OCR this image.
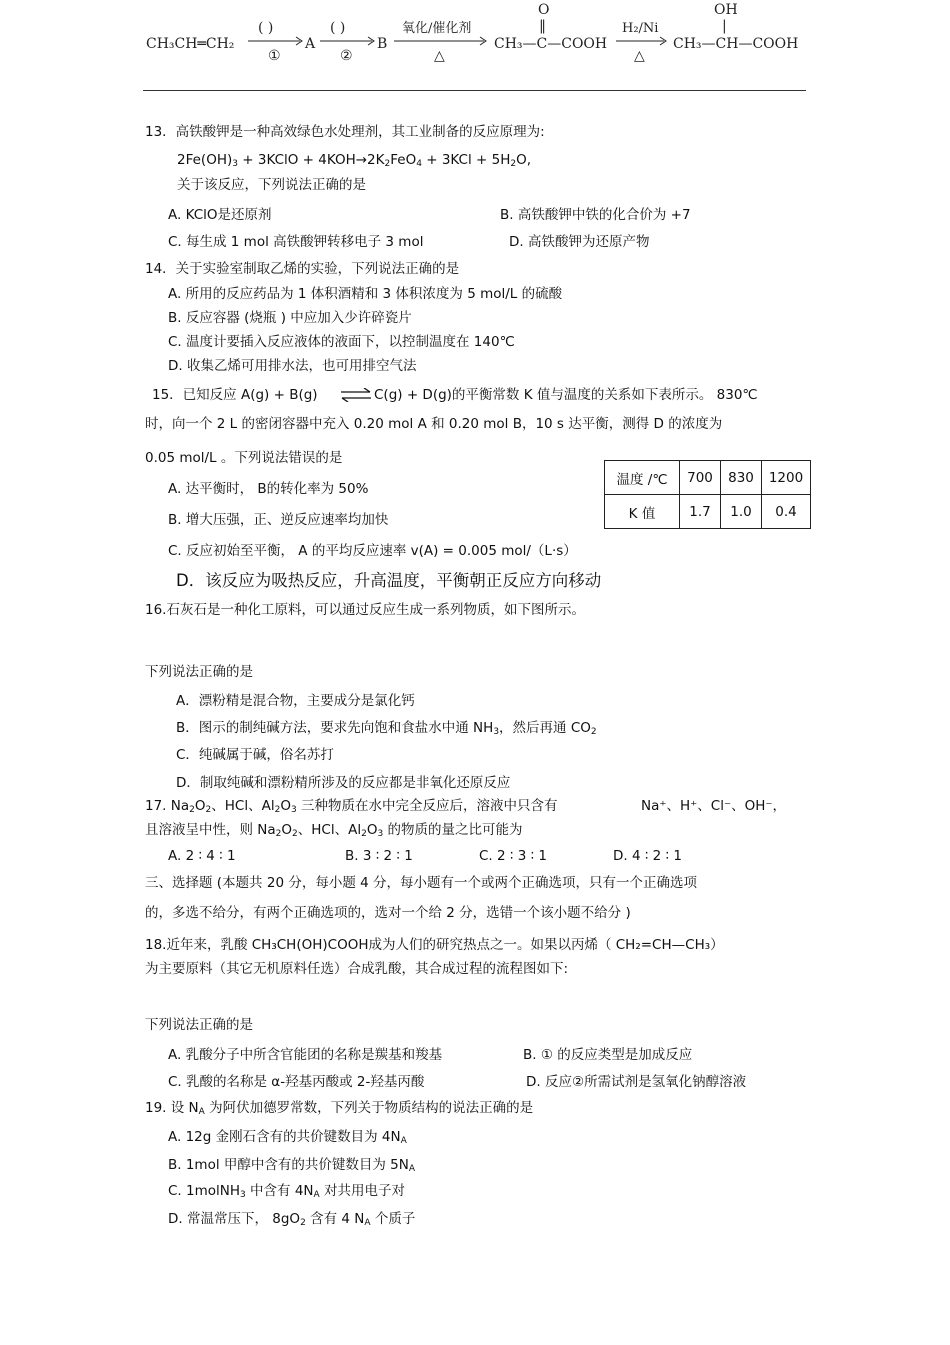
CH₃CH═CH₂
( )
①
A
( )
②
B
氧化/催化剂
△
O
‖
CH₃—C—COOH
H₂/Ni
△
OH
|
CH₃—CH—COOH
13．高铁酸钾是一种高效绿色水处理剂，其工业制备的反应原理为:
$2Fe(OH)_3$ + 3KClO + $4KOH\to 2K_2FeO_4 + 3KCl + 5H_2O$,
关于该反应，下列说法正确的是
A. KClO是还原剂	B. 高铁酸钾中铁的化合价为 +7
C. 每生成 1 mol 高铁酸钾转移电子 3 mol	D. 高铁酸钾为还原产物
14．关于实验室制取乙烯的实验，下列说法正确的是
A. 所用的反应药品为 1 体积酒精和 3 体积浓度为 5 mol/L 的硫酸
B. 反应容器 (烧瓶 ) 中应加入少许碎瓷片
C. 温度计要插入反应液体的液面下，以控制温度在 140℃
D. 收集乙烯可用排水法，也可用排空气法
15．已知反应 A(g) + B(g) ⇌ C(g) + D(g)的平衡常数 K 值与温度的关系如下表所示。 830℃
时，向一个 2 L 的密闭容器中充入 0.20 mol A 和 0.20 mol B，10 s 达平衡，测得 D 的浓度为
0.05 mol/L 。下列说法错误的是
温度 /℃	700	830	1200
K 值	1.7	1.0	0.4
A. 达平衡时， B的转化率为 50%
B. 增大压强，正、逆反应速率均加快
C. 反应初始至平衡， A 的平均反应速率 v(A) = 0.005 mol/（L·s）
D．该反应为吸热反应，升高温度，平衡朝正反应方向移动
16.石灰石是一种化工原料，可以通过反应生成一系列物质，如下图所示。
下列说法正确的是
A．漂粉精是混合物，主要成分是氯化钙
B．图示的制纯碱方法，要求先向饱和食盐水中通 $NH_3$，然后再通 $CO_2$
C．纯碱属于碱，俗名苏打
D．制取纯碱和漂粉精所涉及的反应都是非氧化还原反应
17. $Na_2O_2$、HCl、$Al_2O_3$ 三种物质在水中完全反应后，溶液中只含有	Na⁺、H⁺、Cl⁻、OH⁻，
且溶液呈中性，则 $Na_2O_2$、HCl、$Al_2O_3$ 的物质的量之比可能为
A. 2 ∶ 4 ∶ 1	B. 3 ∶ 2 ∶ 1	C. 2 ∶ 3 ∶ 1	D. 4 ∶ 2 ∶ 1
三、选择题 (本题共 20 分，每小题 4 分，每小题有一个或两个正确选项，只有一个正确选项
的，多选不给分，有两个正确选项的，选对一个给 2 分，选错一个该小题不给分 )
18.近年来，乳酸 CH₃CH(OH)COOH成为人们的研究热点之一。如果以丙烯（ CH₂=CH—CH₃）
为主要原料（其它无机原料任选）合成乳酸，其合成过程的流程图如下:
下列说法正确的是
A. 乳酸分子中所含官能团的名称是羰基和羧基	B. ① 的反应类型是加成反应
C. 乳酸的名称是 α-羟基丙酸或 2-羟基丙酸	D. 反应②所需试剂是氢氧化钠醇溶液
19. 设 $N_A$ 为阿伏加德罗常数，下列关于物质结构的说法正确的是
A. 12g 金刚石含有的共价键数目为 $4N_A$
B. 1mol 甲醇中含有的共价键数目为 $5N_A$
C. 1molNH$_3$ 中含有 $4N_A$ 对共用电子对
D. 常温常压下， $8gO_2$ 含有 4 $N_A$ 个质子
